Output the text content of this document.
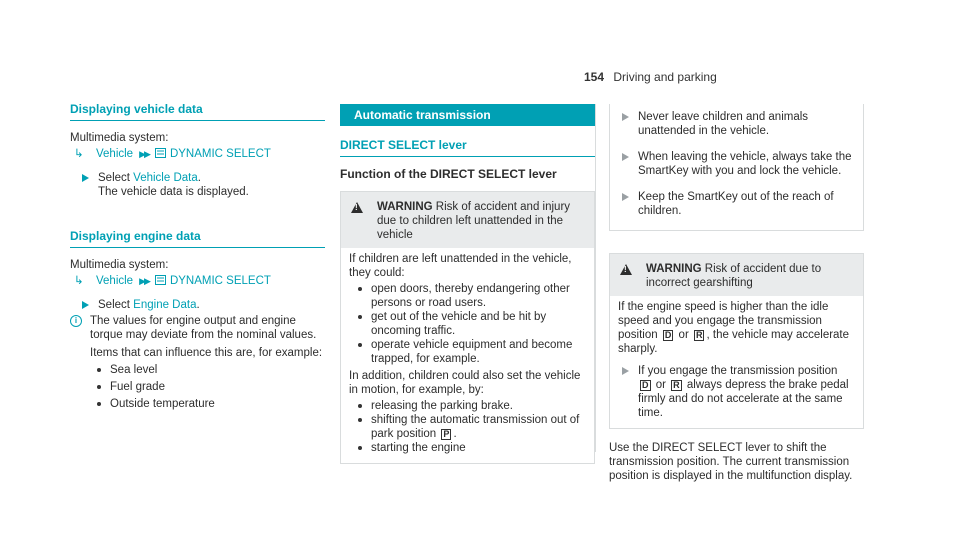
154 Driving and parking
Displaying vehicle data

Multimedia system:

↳ Vehicle ▶▶ DYNAMIC SELECT

Select Vehicle Data.

The vehicle data is displayed.

Displaying engine data

Multimedia system:

↳ Vehicle ▶▶ DYNAMIC SELECT

Select Engine Data.
i	The values for engine output and engine torque may deviate from the nominal values.

Items that can influence this are, for example:

Sea level
Fuel grade
Outside temperature
Automatic transmission
DIRECT SELECT lever
Function of the DIRECT SELECT lever
!
WARNING Risk of accident and injury due to children left unattended in the vehicle

If children are left unattended in the vehicle, they could:

open doors, thereby endangering other persons or road users.
get out of the vehicle and be hit by oncoming traffic.
operate vehicle equipment and become trapped, for example.

In addition, children could also set the vehicle in motion, for example, by:

releasing the parking brake.
shifting the automatic transmission out of park position P .
starting the engine

Never leave children and animals unattended in the vehicle.

When leaving the vehicle, always take the SmartKey with you and lock the vehicle.

Keep the SmartKey out of the reach of children.

!
WARNING Risk of accident due to incorrect gearshifting

If the engine speed is higher than the idle speed and you engage the transmission position D or R , the vehicle may accelerate sharply.

If you engage the transmission position D or R always depress the brake pedal firmly and do not accelerate at the same time.

Use the DIRECT SELECT lever to shift the transmission position. The current transmission position is displayed in the multifunction display.
